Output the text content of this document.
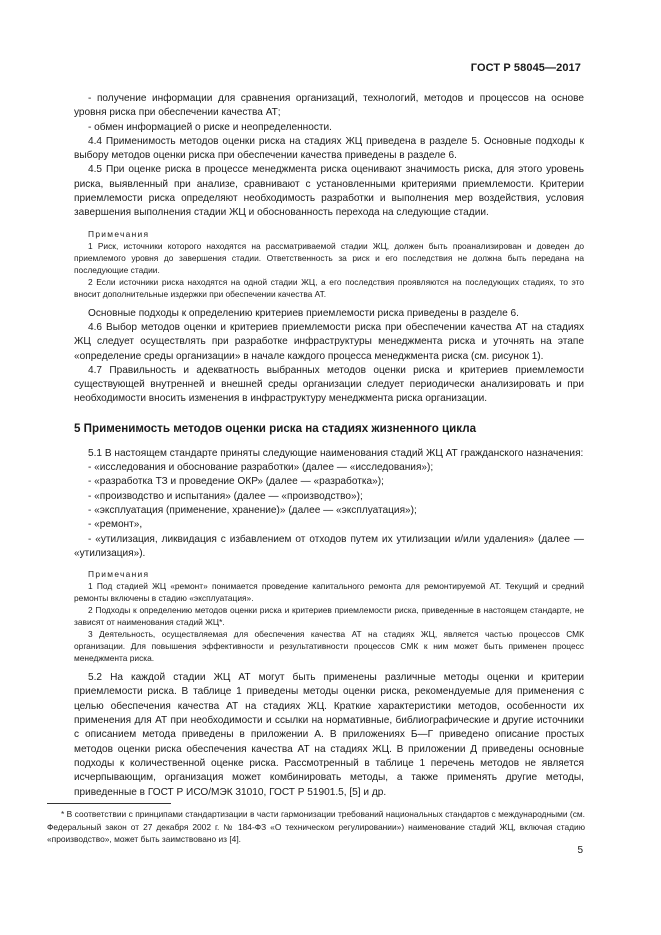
ГОСТ Р 58045—2017

- получение информации для сравнения организаций, технологий, методов и процессов на основе уровня риска при обеспечении качества АТ;

- обмен информацией о риске и неопределенности.

4.4 Применимость методов оценки риска на стадиях ЖЦ приведена в разделе 5. Основные подходы к выбору методов оценки риска при обеспечении качества приведены в разделе 6.

4.5 При оценке риска в процессе менеджмента риска оценивают значимость риска, для этого уровень риска, выявленный при анализе, сравнивают с установленными критериями приемлемости. Критерии приемлемости риска определяют необходимость разработки и выполнения мер воздействия, условия завершения выполнения стадии ЖЦ и обоснованность перехода на следующие стадии.

Примечания

1 Риск, источники которого находятся на рассматриваемой стадии ЖЦ, должен быть проанализирован и доведен до приемлемого уровня до завершения стадии. Ответственность за риск и его последствия не должна быть передана на последующие стадии.

2 Если источники риска находятся на одной стадии ЖЦ, а его последствия проявляются на последующих стадиях, то это вносит дополнительные издержки при обеспечении качества АТ.

Основные подходы к определению критериев приемлемости риска приведены в разделе 6.

4.6 Выбор методов оценки и критериев приемлемости риска при обеспечении качества АТ на стадиях ЖЦ следует осуществлять при разработке инфраструктуры менеджмента риска и уточнять на этапе «определение среды организации» в начале каждого процесса менеджмента риска (см. рисунок 1).

4.7 Правильность и адекватность выбранных методов оценки риска и критериев приемлемости существующей внутренней и внешней среды организации следует периодически анализировать и при необходимости вносить изменения в инфраструктуру менеджмента риска организации.

5 Применимость методов оценки риска на стадиях жизненного цикла

5.1 В настоящем стандарте приняты следующие наименования стадий ЖЦ АТ гражданского назначения:

- «исследования и обоснование разработки» (далее — «исследования»);

- «разработка ТЗ и проведение ОКР» (далее — «разработка»);

- «производство и испытания» (далее — «производство»);

- «эксплуатация (применение, хранение)» (далее — «эксплуатация»);

- «ремонт»,

- «утилизация, ликвидация с избавлением от отходов путем их утилизации и/или удаления» (далее — «утилизация»).

Примечания

1 Под стадией ЖЦ «ремонт» понимается проведение капитального ремонта для ремонтируемой АТ. Текущий и средний ремонты включены в стадию «эксплуатация».

2 Подходы к определению методов оценки риска и критериев приемлемости риска, приведенные в настоящем стандарте, не зависят от наименования стадий ЖЦ*.

3 Деятельность, осуществляемая для обеспечения качества АТ на стадиях ЖЦ, является частью процессов СМК организации. Для повышения эффективности и результативности процессов СМК к ним может быть применен процесс менеджмента риска.

5.2 На каждой стадии ЖЦ АТ могут быть применены различные методы оценки и критерии приемлемости риска. В таблице 1 приведены методы оценки риска, рекомендуемые для применения с целью обеспечения качества АТ на стадиях ЖЦ. Краткие характеристики методов, особенности их применения для АТ при необходимости и ссылки на нормативные, библиографические и другие источники с описанием метода приведены в приложении А. В приложениях Б—Г приведено описание простых методов оценки риска обеспечения качества АТ на стадиях ЖЦ. В приложении Д приведены основные подходы к количественной оценке риска. Рассмотренный в таблице 1 перечень методов не является исчерпывающим, организация может комбинировать методы, а также применять другие методы, приведенные в ГОСТ Р ИСО/МЭК 31010, ГОСТ Р 51901.5, [5] и др.

* В соответствии с принципами стандартизации в части гармонизации требований национальных стандартов с международными (см. Федеральный закон от 27 декабря 2002 г. № 184-ФЗ «О техническом регулировании») наименование стадий ЖЦ, включая стадию «производство», может быть заимствовано из [4].

5
